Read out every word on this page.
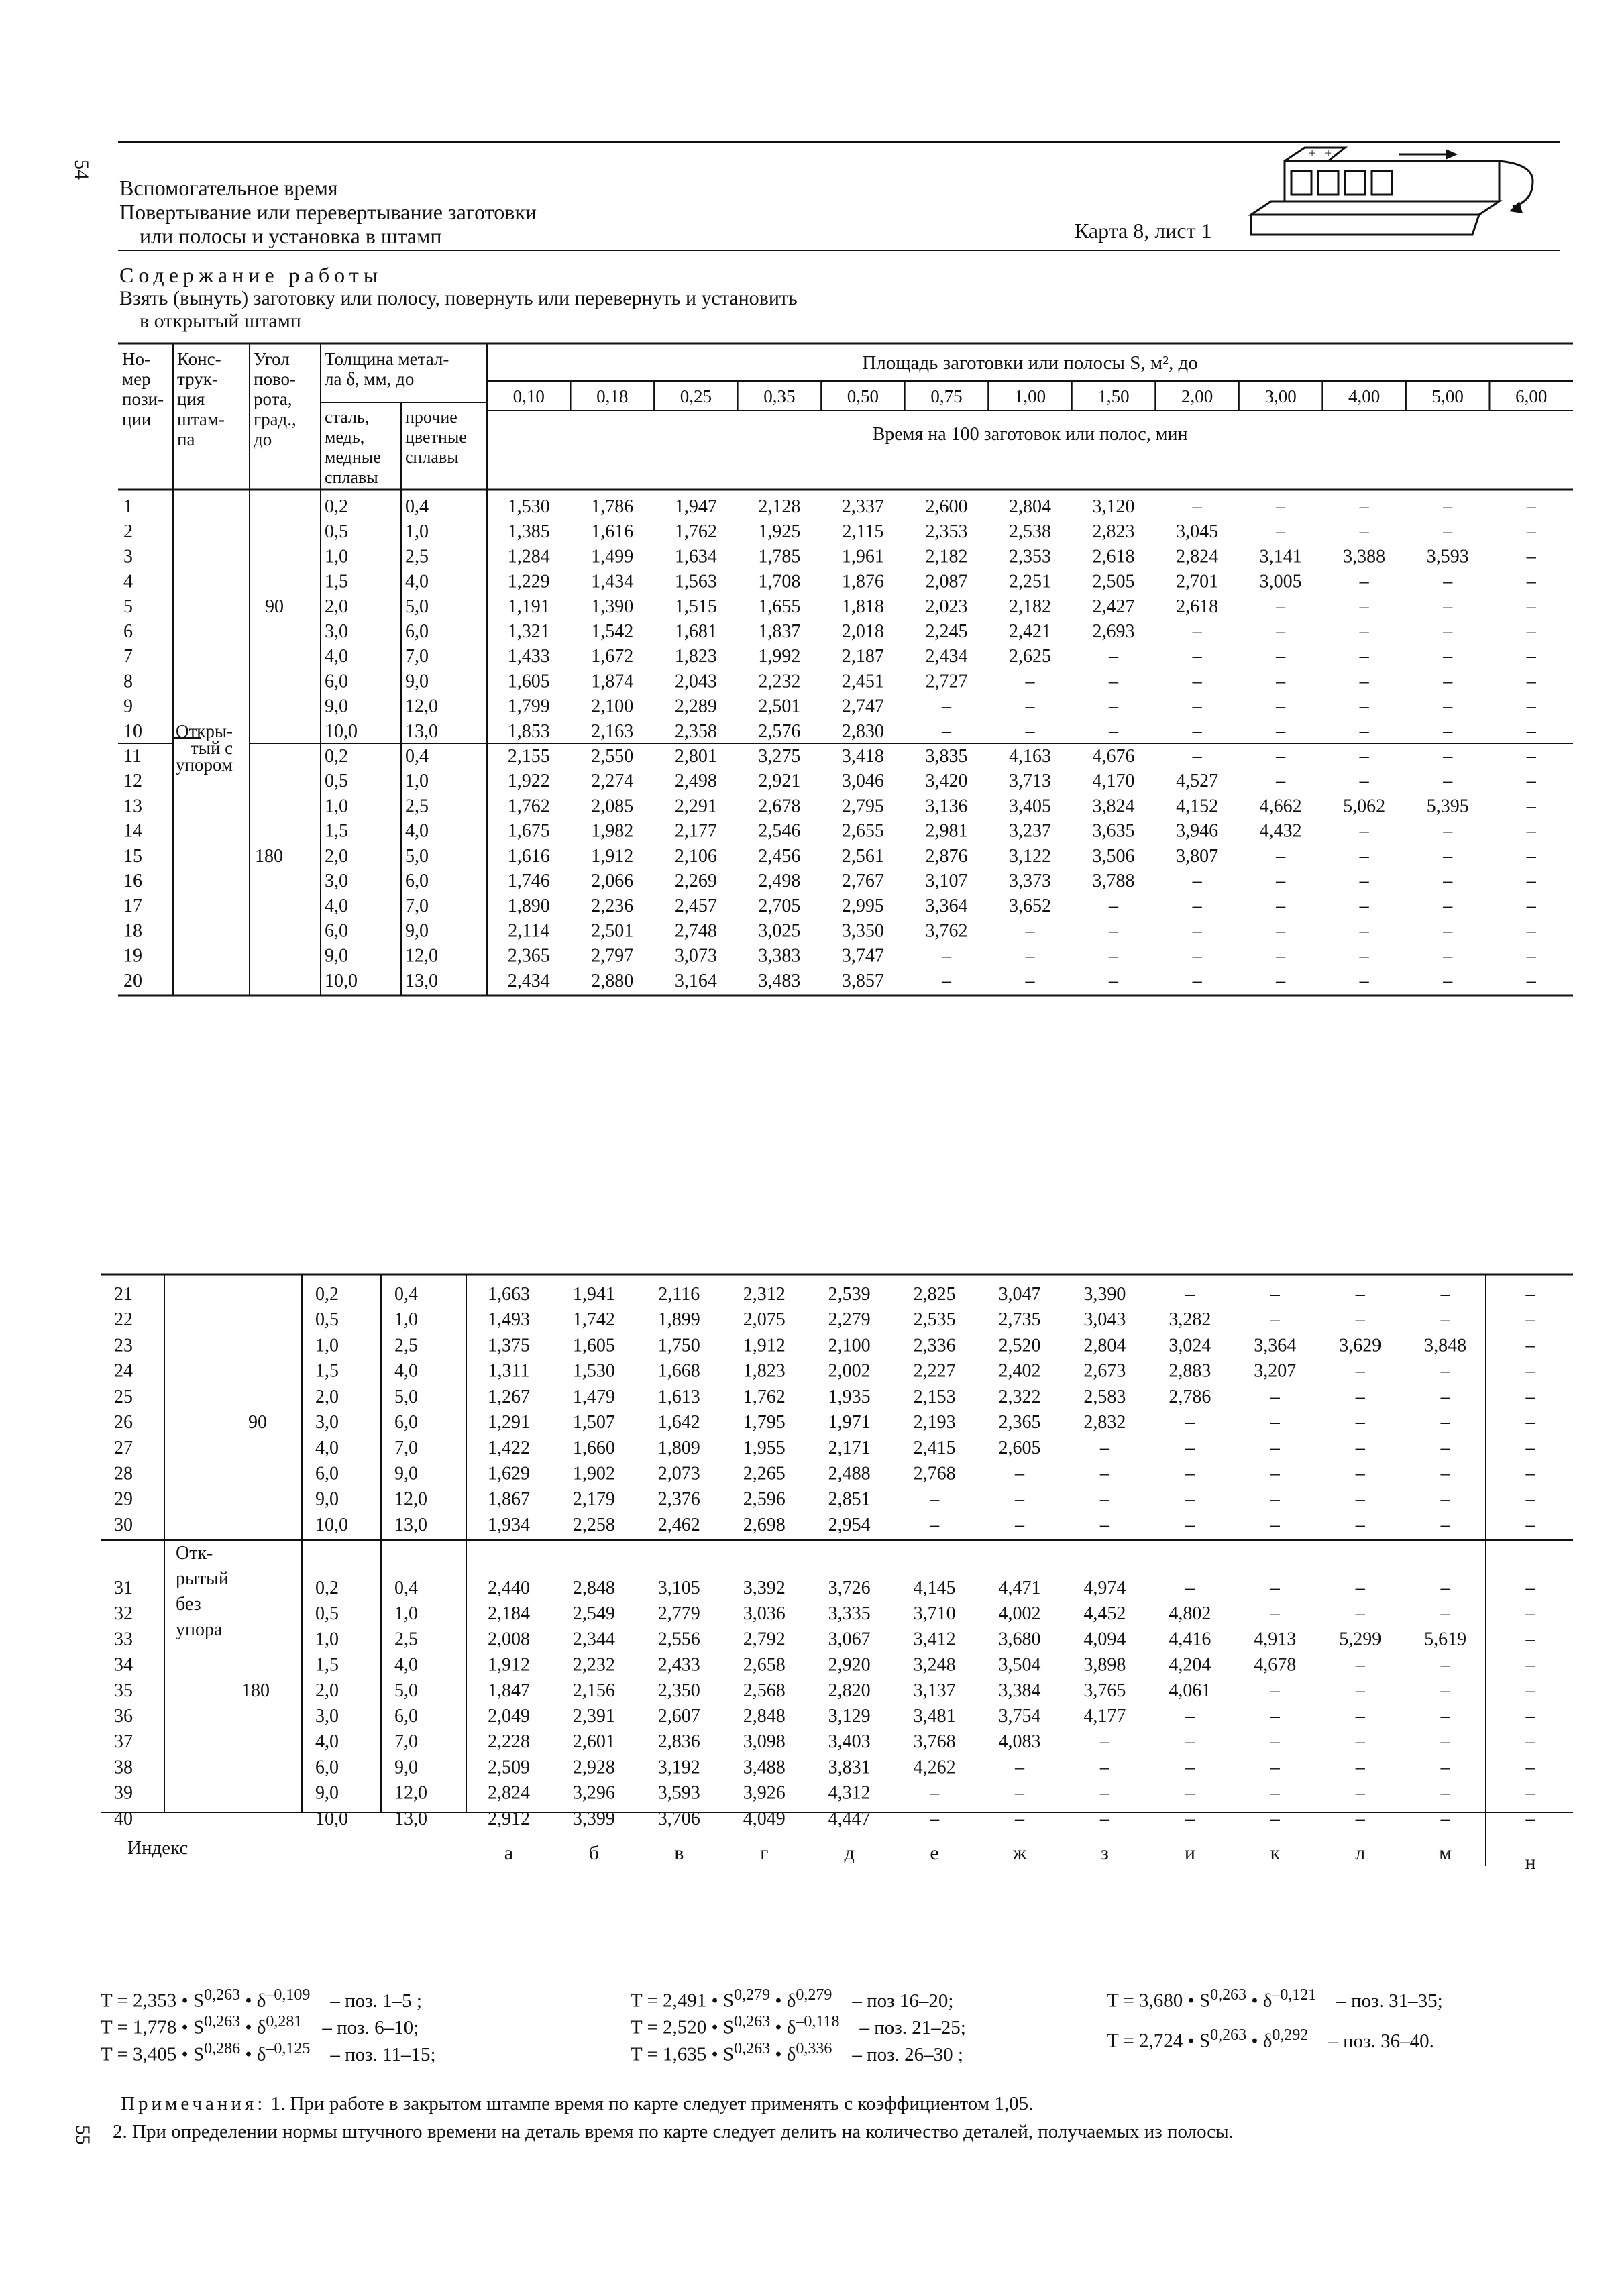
54
55
Вспомогательное время
Повертывание или перевертывание заготовки
или полосы и установка в штамп	Карта 8, лист 1
+ +
Содержание работы
Взять (вынуть) заготовку или полосу, повернуть или перевернуть и установить
в открытый штамп
Но-
мер
пози-
ции
Конс-
трук-
ция
штам-
па
Угол
пово-
рота,
град.,
до
Толщина метал-
ла δ, мм, до
сталь,
медь,
медные
сплавы
прочие
цветные
сплавы
Площадь заготовки или полосы S, м², до
0,10	0,18	0,25	0,35	0,50	0,75	1,00	1,50	2,00	3,00	4,00	5,00	6,00
Время на 100 заготовок или полос, мин
1	0,2	0,4	1,530 1,786 1,947 2,128 2,337 2,600 2,804 3,120	–	–	–	–	–
2	0,5	1,0	1,385 1,616 1,762 1,925 2,115 2,353 2,538 2,823 3,045	–	–	–	–
3	1,0	2,5	1,284 1,499 1,634 1,785 1,961 2,182 2,353 2,618 2,824 3,141 3,388 3,593	–
4	1,5	4,0	1,229 1,434 1,563 1,708 1,876 2,087 2,251 2,505 2,701 3,005	–	–	–
5	2,0	5,0	1,191 1,390 1,515 1,655 1,818 2,023 2,182 2,427 2,618	–	–	–	–
6	3,0	6,0	1,321 1,542 1,681 1,837 2,018 2,245 2,421 2,693	–	–	–	–	–
7	4,0	7,0	1,433 1,672 1,823 1,992 2,187 2,434 2,625	–	–	–	–	–	–
8	6,0	9,0	1,605 1,874 2,043 2,232 2,451 2,727	–	–	–	–	–	–	–
9	9,0	12,0	1,799 2,100 2,289 2,501 2,747	–	–	–	–	–	–	–	–
10	10,0	13,0	1,853 2,163 2,358 2,576 2,830	–	–	–	–	–	–	–	–
11	0,2	0,4	2,155 2,550 2,801 3,275 3,418 3,835 4,163 4,676	–	–	–	–	–
12	0,5	1,0	1,922 2,274 2,498 2,921 3,046 3,420 3,713 4,170 4,527	–	–	–	–
13	1,0	2,5	1,762 2,085 2,291 2,678 2,795 3,136 3,405 3,824 4,152 4,662 5,062 5,395	–
14	1,5	4,0	1,675 1,982 2,177 2,546 2,655 2,981 3,237 3,635 3,946 4,432	–	–	–
15	2,0	5,0	1,616 1,912 2,106 2,456 2,561 2,876 3,122 3,506 3,807	–	–	–	–
16	3,0	6,0	1,746 2,066 2,269 2,498 2,767 3,107 3,373 3,788	–	–	–	–	–
17	4,0	7,0	1,890 2,236 2,457 2,705 2,995 3,364 3,652	–	–	–	–	–	–
18	6,0	9,0	2,114 2,501 2,748 3,025 3,350 3,762	–	–	–	–	–	–	–
19	9,0	12,0	2,365 2,797 3,073 3,383 3,747	–	–	–	–	–	–	–	–
20	10,0	13,0	2,434 2,880 3,164 3,483 3,857	–	–	–	–	–	–	–	–
90
180
Откры-
тый с
упором
21	0,2	0,4	1,663 1,941 2,116 2,312 2,539 2,825 3,047 3,390	–	–	–	–	–
22	0,5	1,0	1,493 1,742 1,899 2,075 2,279 2,535 2,735 3,043 3,282	–	–	–	–
23	1,0	2,5	1,375 1,605 1,750 1,912 2,100 2,336 2,520 2,804 3,024 3,364 3,629 3,848	–
24	1,5	4,0	1,311 1,530 1,668 1,823 2,002 2,227 2,402 2,673 2,883 3,207	–	–	–
25	2,0	5,0	1,267 1,479 1,613 1,762 1,935 2,153 2,322 2,583 2,786	–	–	–	–
26	3,0	6,0	1,291 1,507 1,642 1,795 1,971 2,193 2,365 2,832	–	–	–	–	–
27	4,0	7,0	1,422 1,660 1,809 1,955 2,171 2,415 2,605	–	–	–	–	–	–
28	6,0	9,0	1,629 1,902 2,073 2,265 2,488 2,768	–	–	–	–	–	–	–
29	9,0	12,0	1,867 2,179 2,376 2,596 2,851	–	–	–	–	–	–	–	–
30	10,0 13,0	1,934 2,258 2,462 2,698 2,954	–	–	–	–	–	–	–	–
31	0,2	0,4	2,440 2,848 3,105 3,392 3,726 4,145 4,471 4,974	–	–	–	–	–
32	0,5	1,0	2,184 2,549 2,779 3,036 3,335 3,710 4,002 4,452 4,802	–	–	–	–
33	1,0	2,5	2,008 2,344 2,556 2,792 3,067 3,412 3,680 4,094 4,416 4,913 5,299 5,619	–
34	1,5	4,0	1,912 2,232 2,433 2,658 2,920 3,248 3,504 3,898 4,204 4,678	–	–	–
35	2,0	5,0	1,847 2,156 2,350 2,568 2,820 3,137 3,384 3,765 4,061	–	–	–	–
36	3,0	6,0	2,049 2,391 2,607 2,848 3,129 3,481 3,754 4,177	–	–	–	–	–
37	4,0	7,0	2,228 2,601 2,836 3,098 3,403 3,768 4,083	–	–	–	–	–	–
38	6,0	9,0	2,509 2,928 3,192 3,488 3,831 4,262	–	–	–	–	–	–	–
39	9,0	12,0	2,824 3,296 3,593 3,926 4,312	–	–	–	–	–	–	–	–
40	10,0 13,0	2,912 3,399 3,706 4,049 4,447	–	–	–	–	–	–	–	–
90
Отк-
рытый
без
упора
180
Индекс	а	б	в	г	д	е	ж	з	и	к	л	м	н
T = 2,353 • S$^{0,263}$ • $\delta^{-0,109}$ – поз. 1–5 ;
T = 1,778 • S$^{0,263}$ • $\delta^{0,281}$ – поз. 6–10;
T = 3,405 • S$^{0,286}$ • $\delta^{-0,125}$ – поз. 11–15;
T = 2,491 • S$^{0,279}$ • $\delta^{0,279}$ – поз 16–20;
T = 2,520 • S$^{0,263}$ • $\delta^{-0,118}$ – поз. 21–25;
T = 1,635 • S$^{0,263}$ • $\delta^{0,336}$ – поз. 26–30 ;
T = 3,680 • S$^{0,263}$ • $\delta^{-0,121}$ – поз. 31–35;
T = 2,724 • S$^{0,263}$ • $\delta^{0,292}$ – поз. 36–40.
Примечания: 1. При работе в закрытом штампе время по карте следует применять с коэффициентом 1,05.
2. При определении нормы штучного времени на деталь время по карте следует делить на количество деталей, получаемых из полосы.
